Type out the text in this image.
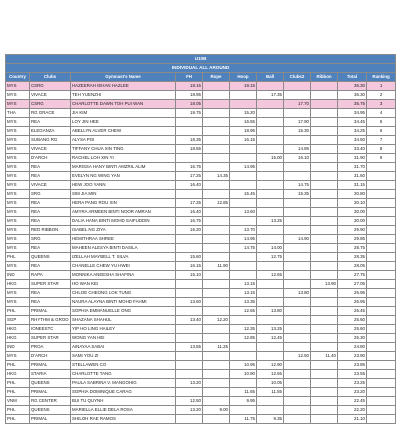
U10B										
INDIVIDUAL ALL AROUND										
Country	Clubs	Gymnast's Name	FH	Rope	Hoop	Ball	Clubs2	Ribbon	Total	Ranking
MYS	CSRG	HAZEERAH IEHAN HAZLEE	18.15		18.15				36.30	1
MYS	VIVACE	TEH YUENZHI	18.95			17.35			36.30	2
MYS	CSRG	CHARLOTTE DAWN TOH PUI WAN	18.05				17.70		35.75	3
THA	RG GRACE	JIA KIM	19.75		15.20				34.95	4
MYS	REA	LOY JIN HEE			16.55		17.90		34.45	5
MYS	ELEGANZA	ABELLYN ALVER CHEW			18.95		15.30		34.25	6
MYS	SUBANG RG	ALYSA POI	18.35		16.15				34.50	7
MYS	VIVACE	TIFFANY CHUA XIN TING	18.55				14.85		33.40	8
MYS	D'ARCH	RACHEL LOH XIN YI				15.00	16.10		31.90	9
MYS	REA	MARISSA HANY BINTI AMZRIL ALIM	16.75		14.95				31.70	
MYS	REA	EVELYN NG WING YAN	17.25	14.35					31.60	
MYS	VIVACE	HEW JOO YANN	16.40				14.75		31.15	
MYS	SRG	SIM JIA MIN			15.45		15.35		30.80	
MYS	REA	HERA PANG ROU XIN	17.25	12.85					30.10	
MYS	REA	AMYRA ARMEEN BINTI NOOR AMRAN	16.40		13.60				30.00	
MYS	REA	DALIA HANA BINTI MOHD SAIFUDDIN	16.75			13.25			30.00	
MYS	RED RIBBON	ISABEL NG ZIYA	16.20		13.70				29.90	
MYS	SRG	HEMITHRAA SHREE			14.95		14.90		29.85	
MYS	REA	MAHEEN ALESYA BINTI DASILA			14.75	14.00			28.75	
PHL	QUEENS	IZELLAH MAYBELL T. SILVA	15.60			12.75			28.35	
MYS	REA	CHANELLE CHEW YU HWEI	16.15	11.90					28.05	
IND	RAPA	MONNIKA ANEESHA SHAFINA	15.10			12.65			27.75	
HKG	SUPER STAR	HO WAN KEI			13.15			13.90	27.05	
MYS	REA	CHLOE CHEONG LOK TUNG			13.15		13.80		26.95	
MYS	REA	NAURA ALAYNA BINTI MOHD FAHMI	13.60		13.35				26.95	
PHL	PRIMAL	SOPHIA EMMANUELLE ONG			12.65	13.80			26.45	
SGP	RHYTHM & GROO	SHAZANA SHAHUL	13.40	12.20					25.60	
HKG	IONEESTC	YIP HO LING HAILEY			12.35	13.25			25.60	
HKG	SUPER STAR	WONG YAN HEI			12.85	12.45			25.30	
IND	PROA	AINAYAA SABAI	13.55	11.25					24.80	
MYS	D'ARCH	SAMI YOU ZI					12.50	11.40	23.90	
PHL	PRIMAL	STELLAWEN CO			10.95	12.90			23.85	
HKG	STARIA	CHARLOTTE TANG			10.90	12.65			23.55	
PHL	QUEENS	PAULA SABRINA V. MANGOHIG	13.20			10.05			23.25	
PHL	PRIMAL	SOPHIA DOMINIQUE CARAG			11.65	11.55			23.20	
VNM	RG CENTER	BUI TU QUYNH	12.50		9.95				22.45	
PHL	QUEENS	MARIELLA ELLIE DELA ROSA	13.20	9.00					22.20	
PHL	PRIMAL	SHILOH RAE RAMOS			11.75	9.35			21.10	
